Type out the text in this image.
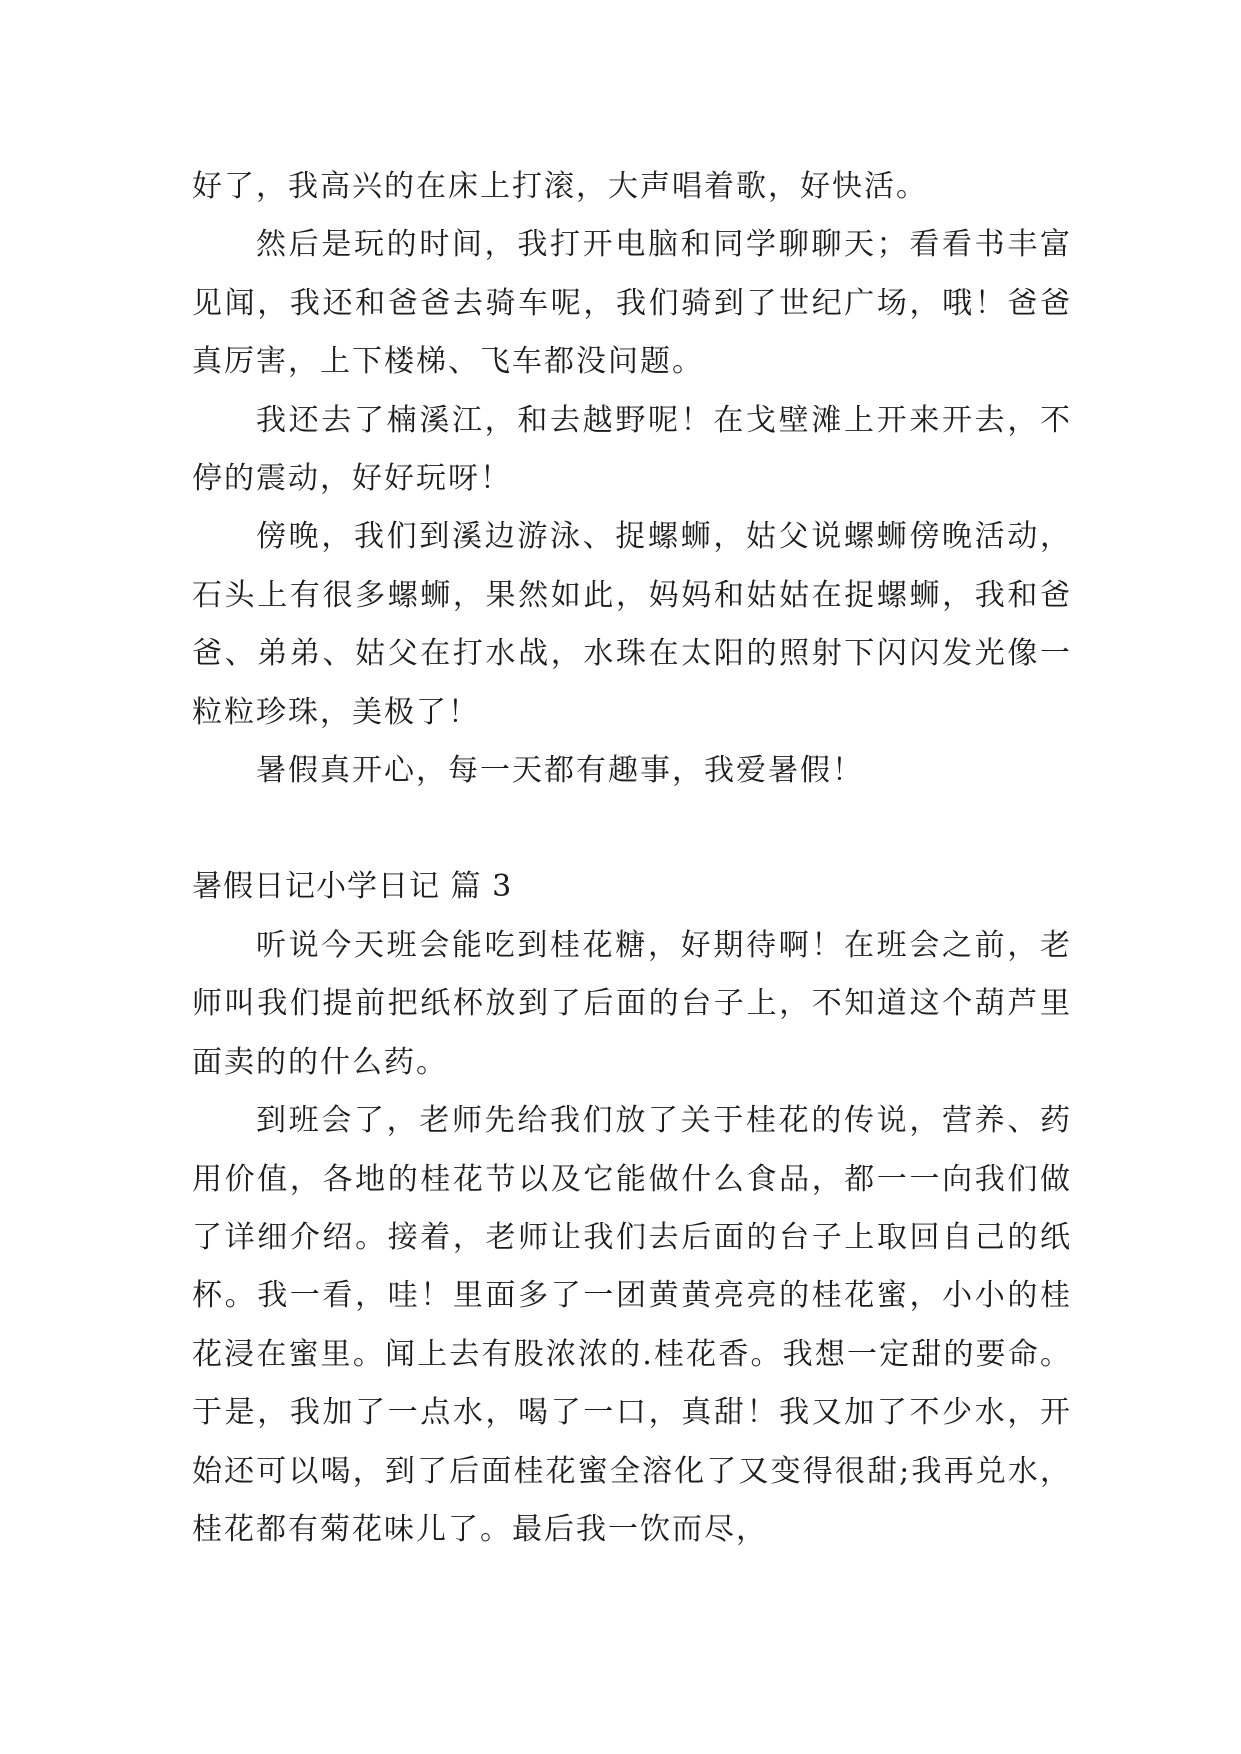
好了，我高兴的在床上打滚，大声唱着歌，好快活。

然后是玩的时间，我打开电脑和同学聊聊天；看看书丰富见闻，我还和爸爸去骑车呢，我们骑到了世纪广场，哦！爸爸真厉害，上下楼梯、飞车都没问题。

我还去了楠溪江，和去越野呢！在戈壁滩上开来开去，不停的震动，好好玩呀！

傍晚，我们到溪边游泳、捉螺蛳，姑父说螺蛳傍晚活动，石头上有很多螺蛳，果然如此，妈妈和姑姑在捉螺蛳，我和爸爸、弟弟、姑父在打水战，水珠在太阳的照射下闪闪发光像一粒粒珍珠，美极了！

暑假真开心，每一天都有趣事，我爱暑假！

暑假日记小学日记 篇 3

听说今天班会能吃到桂花糖，好期待啊！在班会之前，老师叫我们提前把纸杯放到了后面的台子上，不知道这个葫芦里面卖的的什么药。

到班会了，老师先给我们放了关于桂花的传说，营养、药用价值，各地的桂花节以及它能做什么食品，都一一向我们做了详细介绍。接着，老师让我们去后面的台子上取回自己的纸杯。我一看，哇！里面多了一团黄黄亮亮的桂花蜜，小小的桂花浸在蜜里。闻上去有股浓浓的.桂花香。我想一定甜的要命。于是，我加了一点水，喝了一口，真甜！我又加了不少水，开始还可以喝，到了后面桂花蜜全溶化了又变得很甜;我再兑水，桂花都有菊花味儿了。最后我一饮而尽，
